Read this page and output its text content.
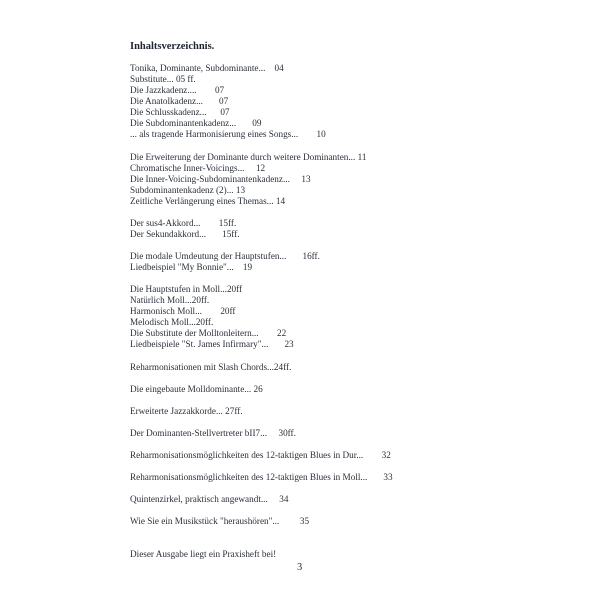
Inhaltsverzeichnis.
Tonika, Dominante, Subdominante...    04
Substitute... 05 ff.
Die Jazzkadenz....        07
Die Anatolkadenz...       07
Die Schlusskadenz...      07
Die Subdominantenkadenz...       09
... als tragende Harmonisierung eines Songs...        10
Die Erweiterung der Dominante durch weitere Dominanten... 11
Chromatische Inner-Voicings...     12
Die Inner-Voicing-Subdominantenkadenz...     13
Subdominantenkadenz (2)... 13
Zeitliche Verlängerung eines Themas... 14
Der sus4-Akkord...        15ff.
Der Sekundakkord...       15ff.
Die modale Umdeutung der Hauptstufen...       16ff.
Liedbeispiel "My Bonnie"...    19
Die Hauptstufen in Moll...20ff
Natürlich Moll...20ff.
Harmonisch Moll...        20ff
Melodisch Moll...20ff.
Die Substitute der Molltonleitern...        22
Liedbeispiele "St. James Infirmary"...       23
Reharmonisationen mit Slash Chords...24ff.
Die eingebaute Molldominante... 26
Erweiterte Jazzakkorde... 27ff.
Der Dominanten-Stellvertreter bII7...     30ff.
Reharmonisationsmöglichkeiten des 12-taktigen Blues in Dur...        32
Reharmonisationsmöglichkeiten des 12-taktigen Blues in Moll...       33
Quintenzirkel, praktisch angewandt...     34
Wie Sie ein Musikstück "heraushören"...         35
Dieser Ausgabe liegt ein Praxisheft bei!
3
